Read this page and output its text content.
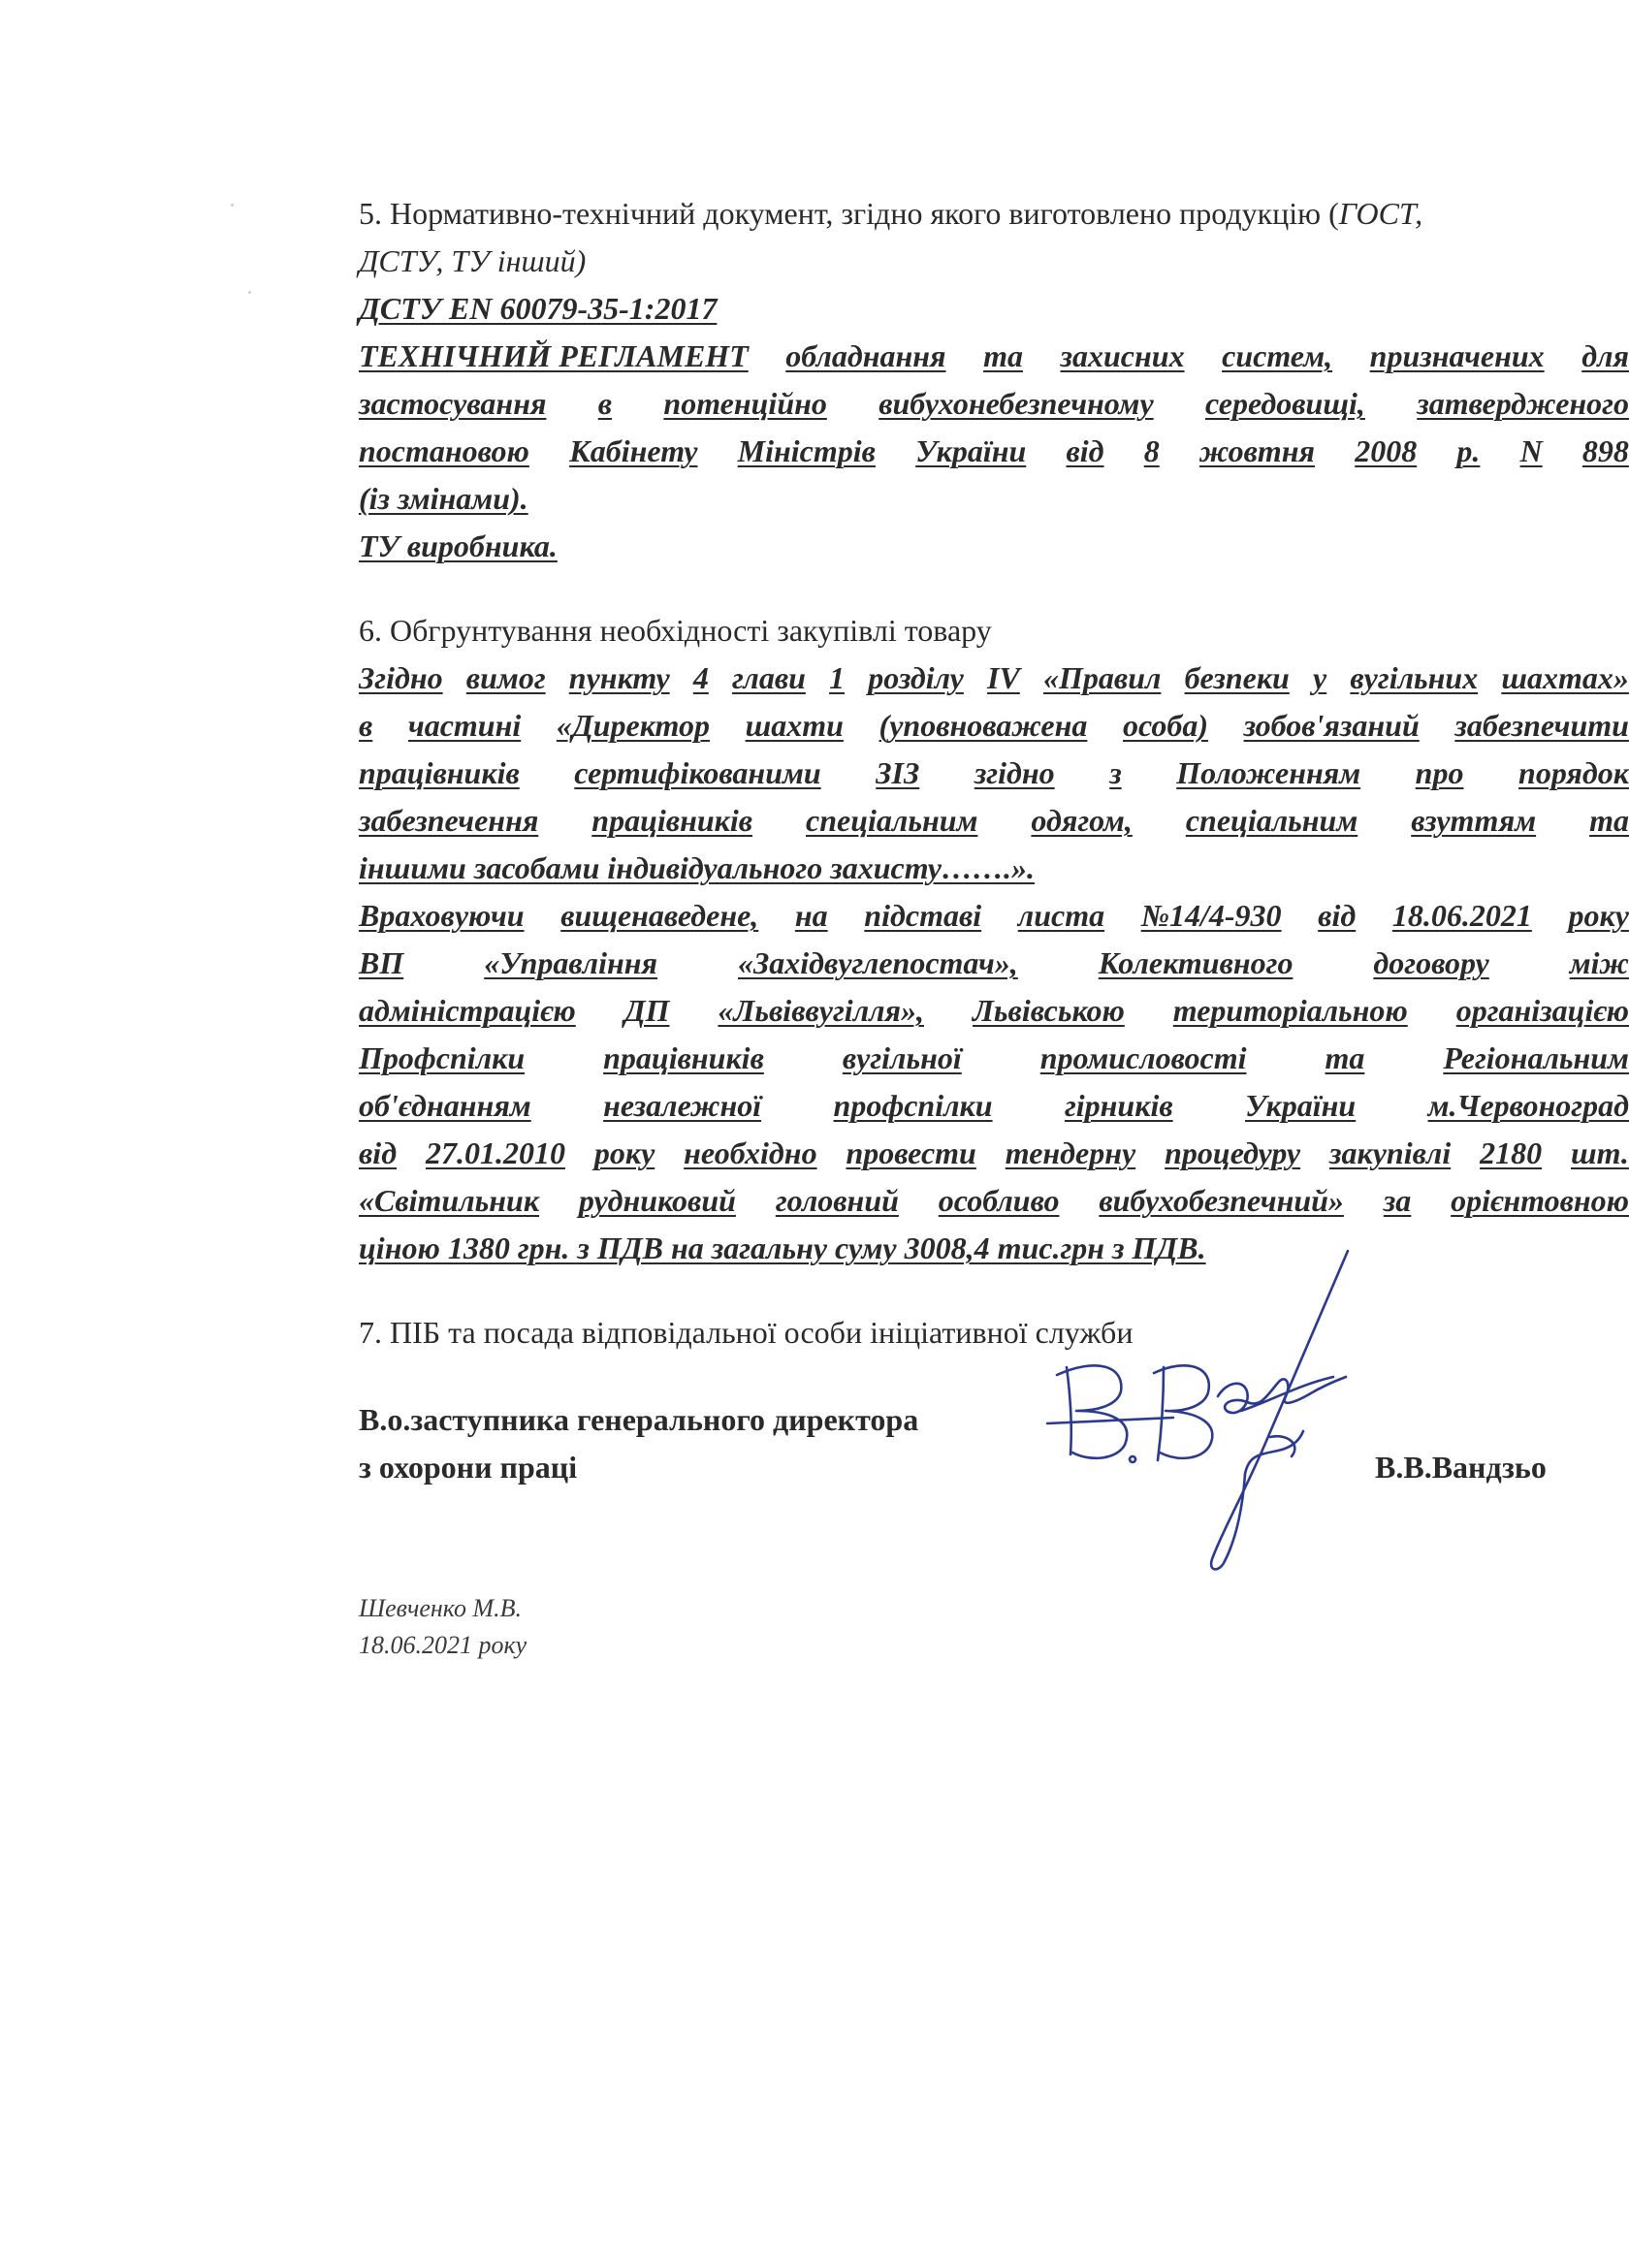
5. Нормативно-технічний документ, згідно якого виготовлено продукцію ( ГОСТ,
ДСТУ, ТУ інший)
ДСТУ EN 60079-35-1:2017
ТЕХНІЧНИЙ РЕГЛАМЕНТ обладнання та захисних систем, призначених для
застосування в потенційно вибухонебезпечному середовищі, затвердженого
постановою Кабінету Міністрів України від 8 жовтня 2008 р. N 898
(із змінами).
ТУ виробника.
6. Обгрунтування необхідності закупівлі товару
Згідно вимог пункту 4 глави 1 розділу IV «Правил безпеки у вугільних шахтах»
в частині «Директор шахти (уповноважена особа) зобов'язаний забезпечити
працівників сертифікованими ЗІЗ згідно з Положенням про порядок
забезпечення працівників спеціальним одягом, спеціальним взуттям та
іншими засобами індивідуального захисту…….».
Враховуючи вищенаведене, на підставі листа №14/4-930 від 18.06.2021 року
ВП	«Управління	«Західвуглепостач»,	Колективного	договору	між
адміністрацією ДП «Львіввугілля», Львівською територіальною організацією
Профспілки	працівників	вугільної	промисловості	та	Регіональним
об'єднанням незалежної профспілки гірників України м.Червоноград
від 27.01.2010 року необхідно провести тендерну процедуру закупівлі 2180 шт.
«Світильник рудниковий головний особливо вибухобезпечний» за орієнтовною
ціною 1380 грн. з ПДВ на загальну суму 3008,4 тис.грн з ПДВ.
7. ПІБ та посада відповідальної особи ініціативної служби
В.о.заступника генерального директора
з охорони праці	В.В.Вандзьо
Шевченко М.В.
18.06.2021 року
